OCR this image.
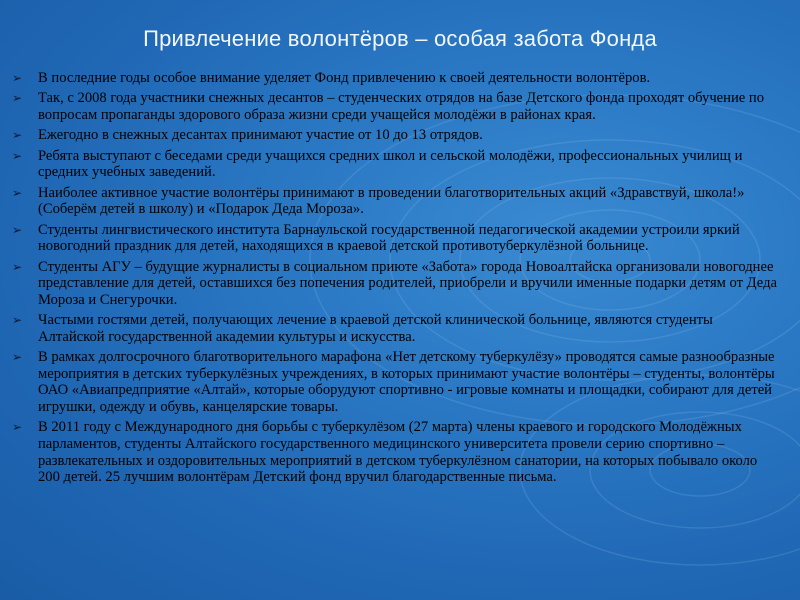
Привлечение волонтёров – особая забота Фонда
➢ В последние годы особое внимание уделяет Фонд привлечению к своей деятельности волонтёров.
➢ Так, с 2008 года участники снежных десантов – студенческих отрядов на базе Детского фонда проходят обучение по вопросам пропаганды здорового образа жизни среди учащейся молодёжи в районах края.
➢ Ежегодно в снежных десантах принимают участие от 10 до 13 отрядов.
➢ Ребята выступают с беседами среди учащихся средних школ и сельской молодёжи, профессиональных училищ и средних учебных заведений.
➢ Наиболее активное участие волонтёры принимают в проведении благотворительных акций «Здравствуй, школа!» (Соберём детей в школу) и «Подарок Деда Мороза».
➢ Студенты лингвистического института Барнаульской государственной педагогической академии устроили яркий новогодний праздник для детей, находящихся в краевой детской противотуберкулёзной больнице.
➢ Студенты АГУ – будущие журналисты в социальном приюте «Забота» города Новоалтайска организовали новогоднее представление для детей, оставшихся без попечения родителей, приобрели и вручили именные подарки детям от Деда Мороза и Снегурочки.
➢ Частыми гостями детей, получающих лечение в краевой детской клинической больнице, являются студенты Алтайской государственной академии культуры и искусства.
➢ В рамках долгосрочного благотворительного марафона «Нет детскому туберкулёзу» проводятся самые разнообразные мероприятия в детских туберкулёзных учреждениях, в которых принимают участие волонтёры – студенты, волонтёры ОАО «Авиапредприятие «Алтай», которые оборудуют спортивно - игровые комнаты и площадки, собирают для детей игрушки, одежду и обувь, канцелярские товары.
➢ В 2011 году с Международного дня борьбы с туберкулёзом (27 марта) члены краевого и городского Молодёжных парламентов, студенты Алтайского государственного медицинского университета провели серию спортивно – развлекательных и оздоровительных мероприятий в детском туберкулёзном санатории, на которых побывало около 200 детей. 25 лучшим волонтёрам Детский фонд вручил благодарственные письма.
